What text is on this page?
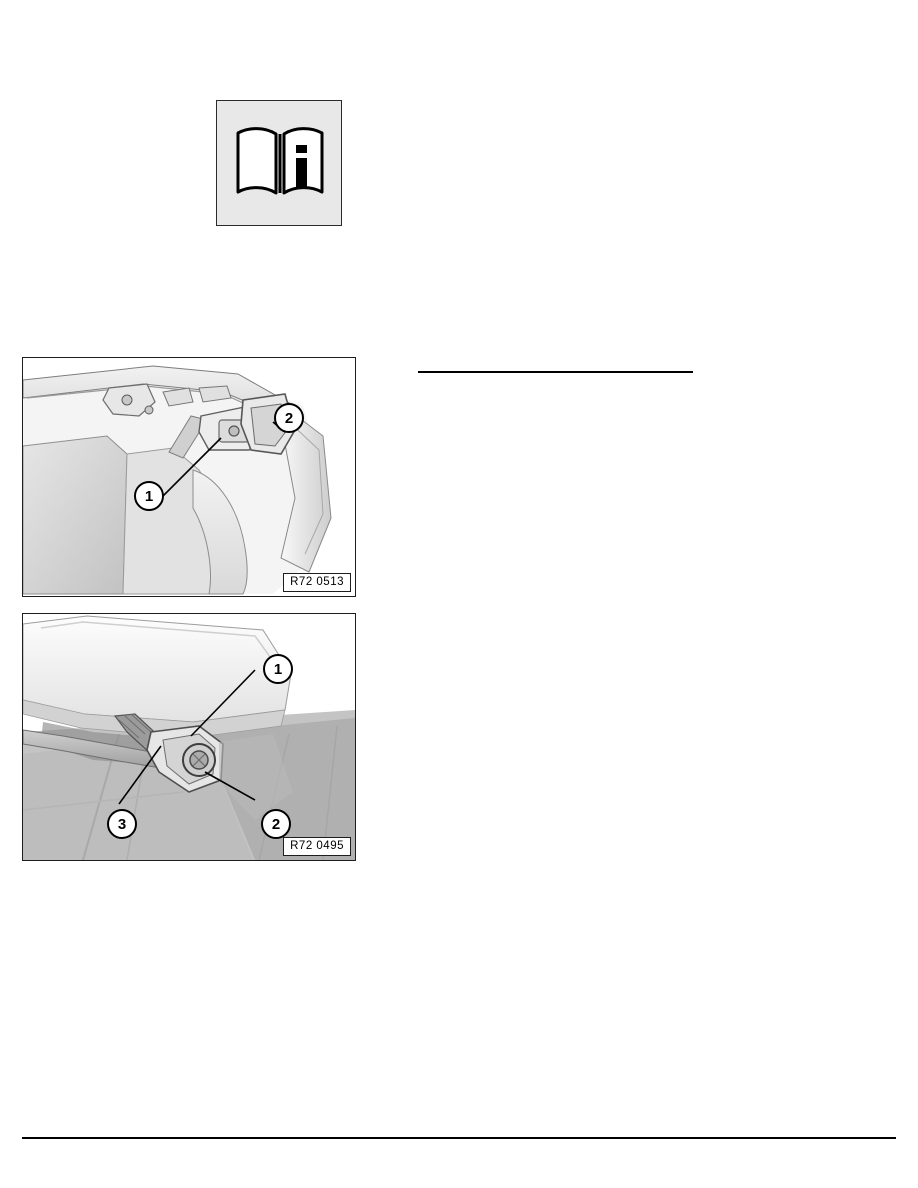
1
2
R72 0513
1
2
3
R72 0495
